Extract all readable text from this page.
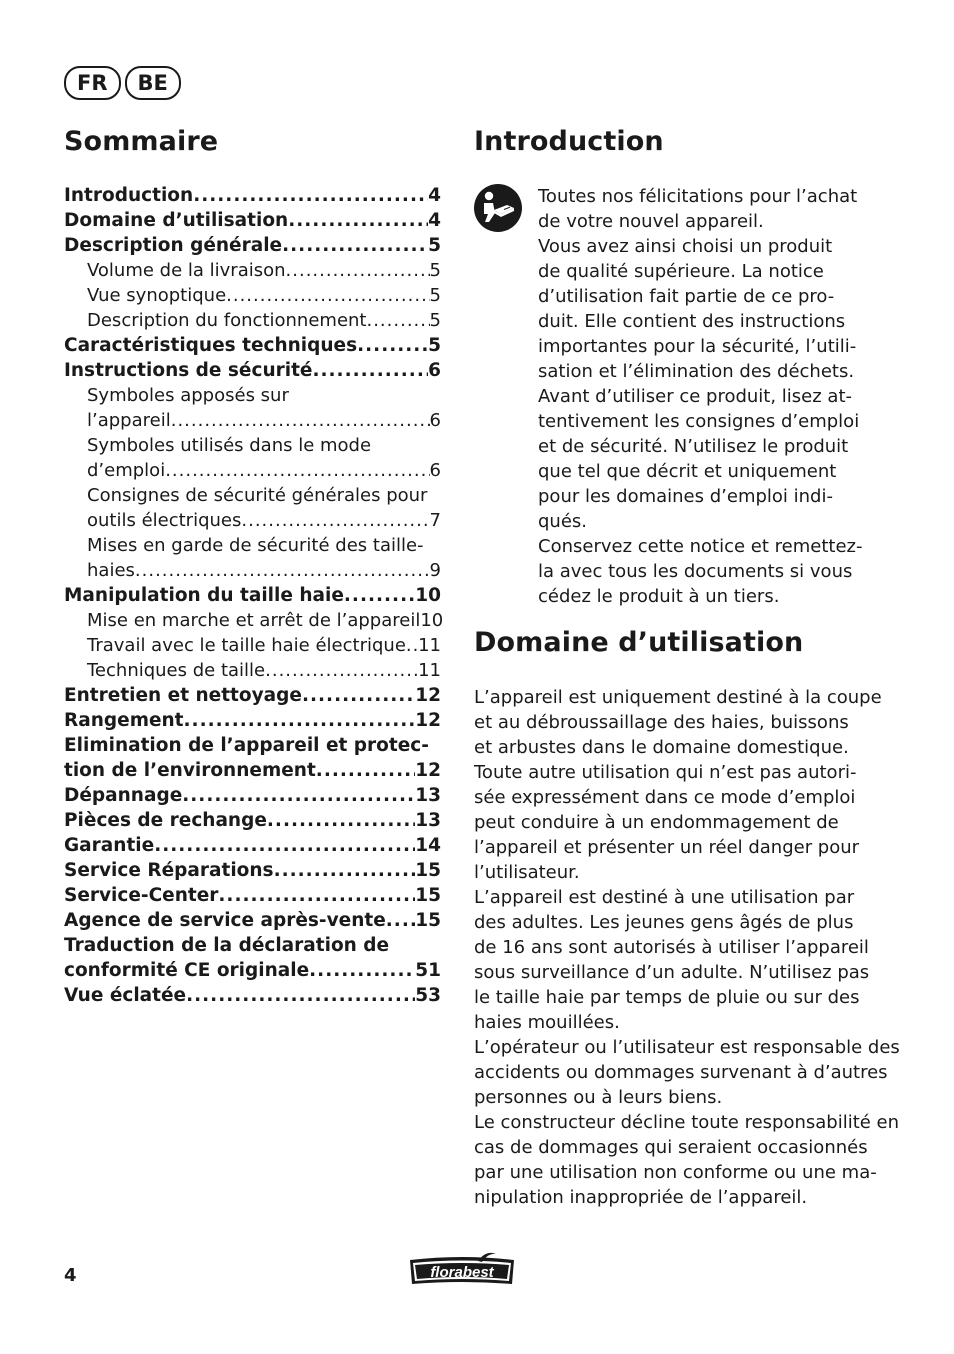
FR	BE
Sommaire
Introduction .....	4
Domaine d’utilisation .....	4
Description générale .....	5
Volume de la livraison .....	5
Vue synoptique .....	5
Description du fonctionnement .....	5
Caractéristiques techniques .....	5
Instructions de sécurité .....	6
Symboles apposés sur
l’appareil .....	6
Symboles utilisés dans le mode
d’emploi .....	6
Consignes de sécurité générales pour
outils électriques .....	7
Mises en garde de sécurité des taille-
haies .....	9
Manipulation du taille haie .....	10
Mise en marche et arrêt de l’appareil 10
Travail avec le taille haie électrique ..... 11
Techniques de taille .....	11
Entretien et nettoyage .....	12
Rangement .....	12
Elimination de l’appareil et protec-
tion de l’environnement .....	12
Dépannage .....	13
Pièces de rechange .....	13
Garantie .....	14
Service Réparations .....	15
Service-Center .....	15
Agence de service après-vente ..... 15
Traduction de la déclaration de
conformité CE originale .....	51
Vue éclatée .....	53
Introduction

Toutes nos félicitations pour l’achat
de votre nouvel appareil.
Vous avez ainsi choisi un produit
de qualité supérieure. La notice
d’utilisation fait partie de ce pro-
duit. Elle contient des instructions
importantes pour la sécurité, l’utili-
sation et l’élimination des déchets.
Avant d’utiliser ce produit, lisez at-
tentivement les consignes d’emploi
et de sécurité. N’utilisez le produit
que tel que décrit et uniquement
pour les domaines d’emploi indi-
qués.
Conservez cette notice et remettez-
la avec tous les documents si vous
cédez le produit à un tiers.

Domaine d’utilisation

L’appareil est uniquement destiné à la coupe
et au débroussaillage des haies, buissons
et arbustes dans le domaine domestique.
Toute autre utilisation qui n’est pas autori-
sée expressément dans ce mode d’emploi
peut conduire à un endommagement de
l’appareil et présenter un réel danger pour
l’utilisateur.
L’appareil est destiné à une utilisation par
des adultes. Les jeunes gens âgés de plus
de 16 ans sont autorisés à utiliser l’appareil
sous surveillance d’un adulte. N’utilisez pas
le taille haie par temps de pluie ou sur des
haies mouillées.
L’opérateur ou l’utilisateur est responsable des
accidents ou dommages survenant à d’autres
personnes ou à leurs biens.
Le constructeur décline toute responsabilité en
cas de dommages qui seraient occasionnés
par une utilisation non conforme ou une ma-
nipulation inappropriée de l’appareil.

4	florabest
